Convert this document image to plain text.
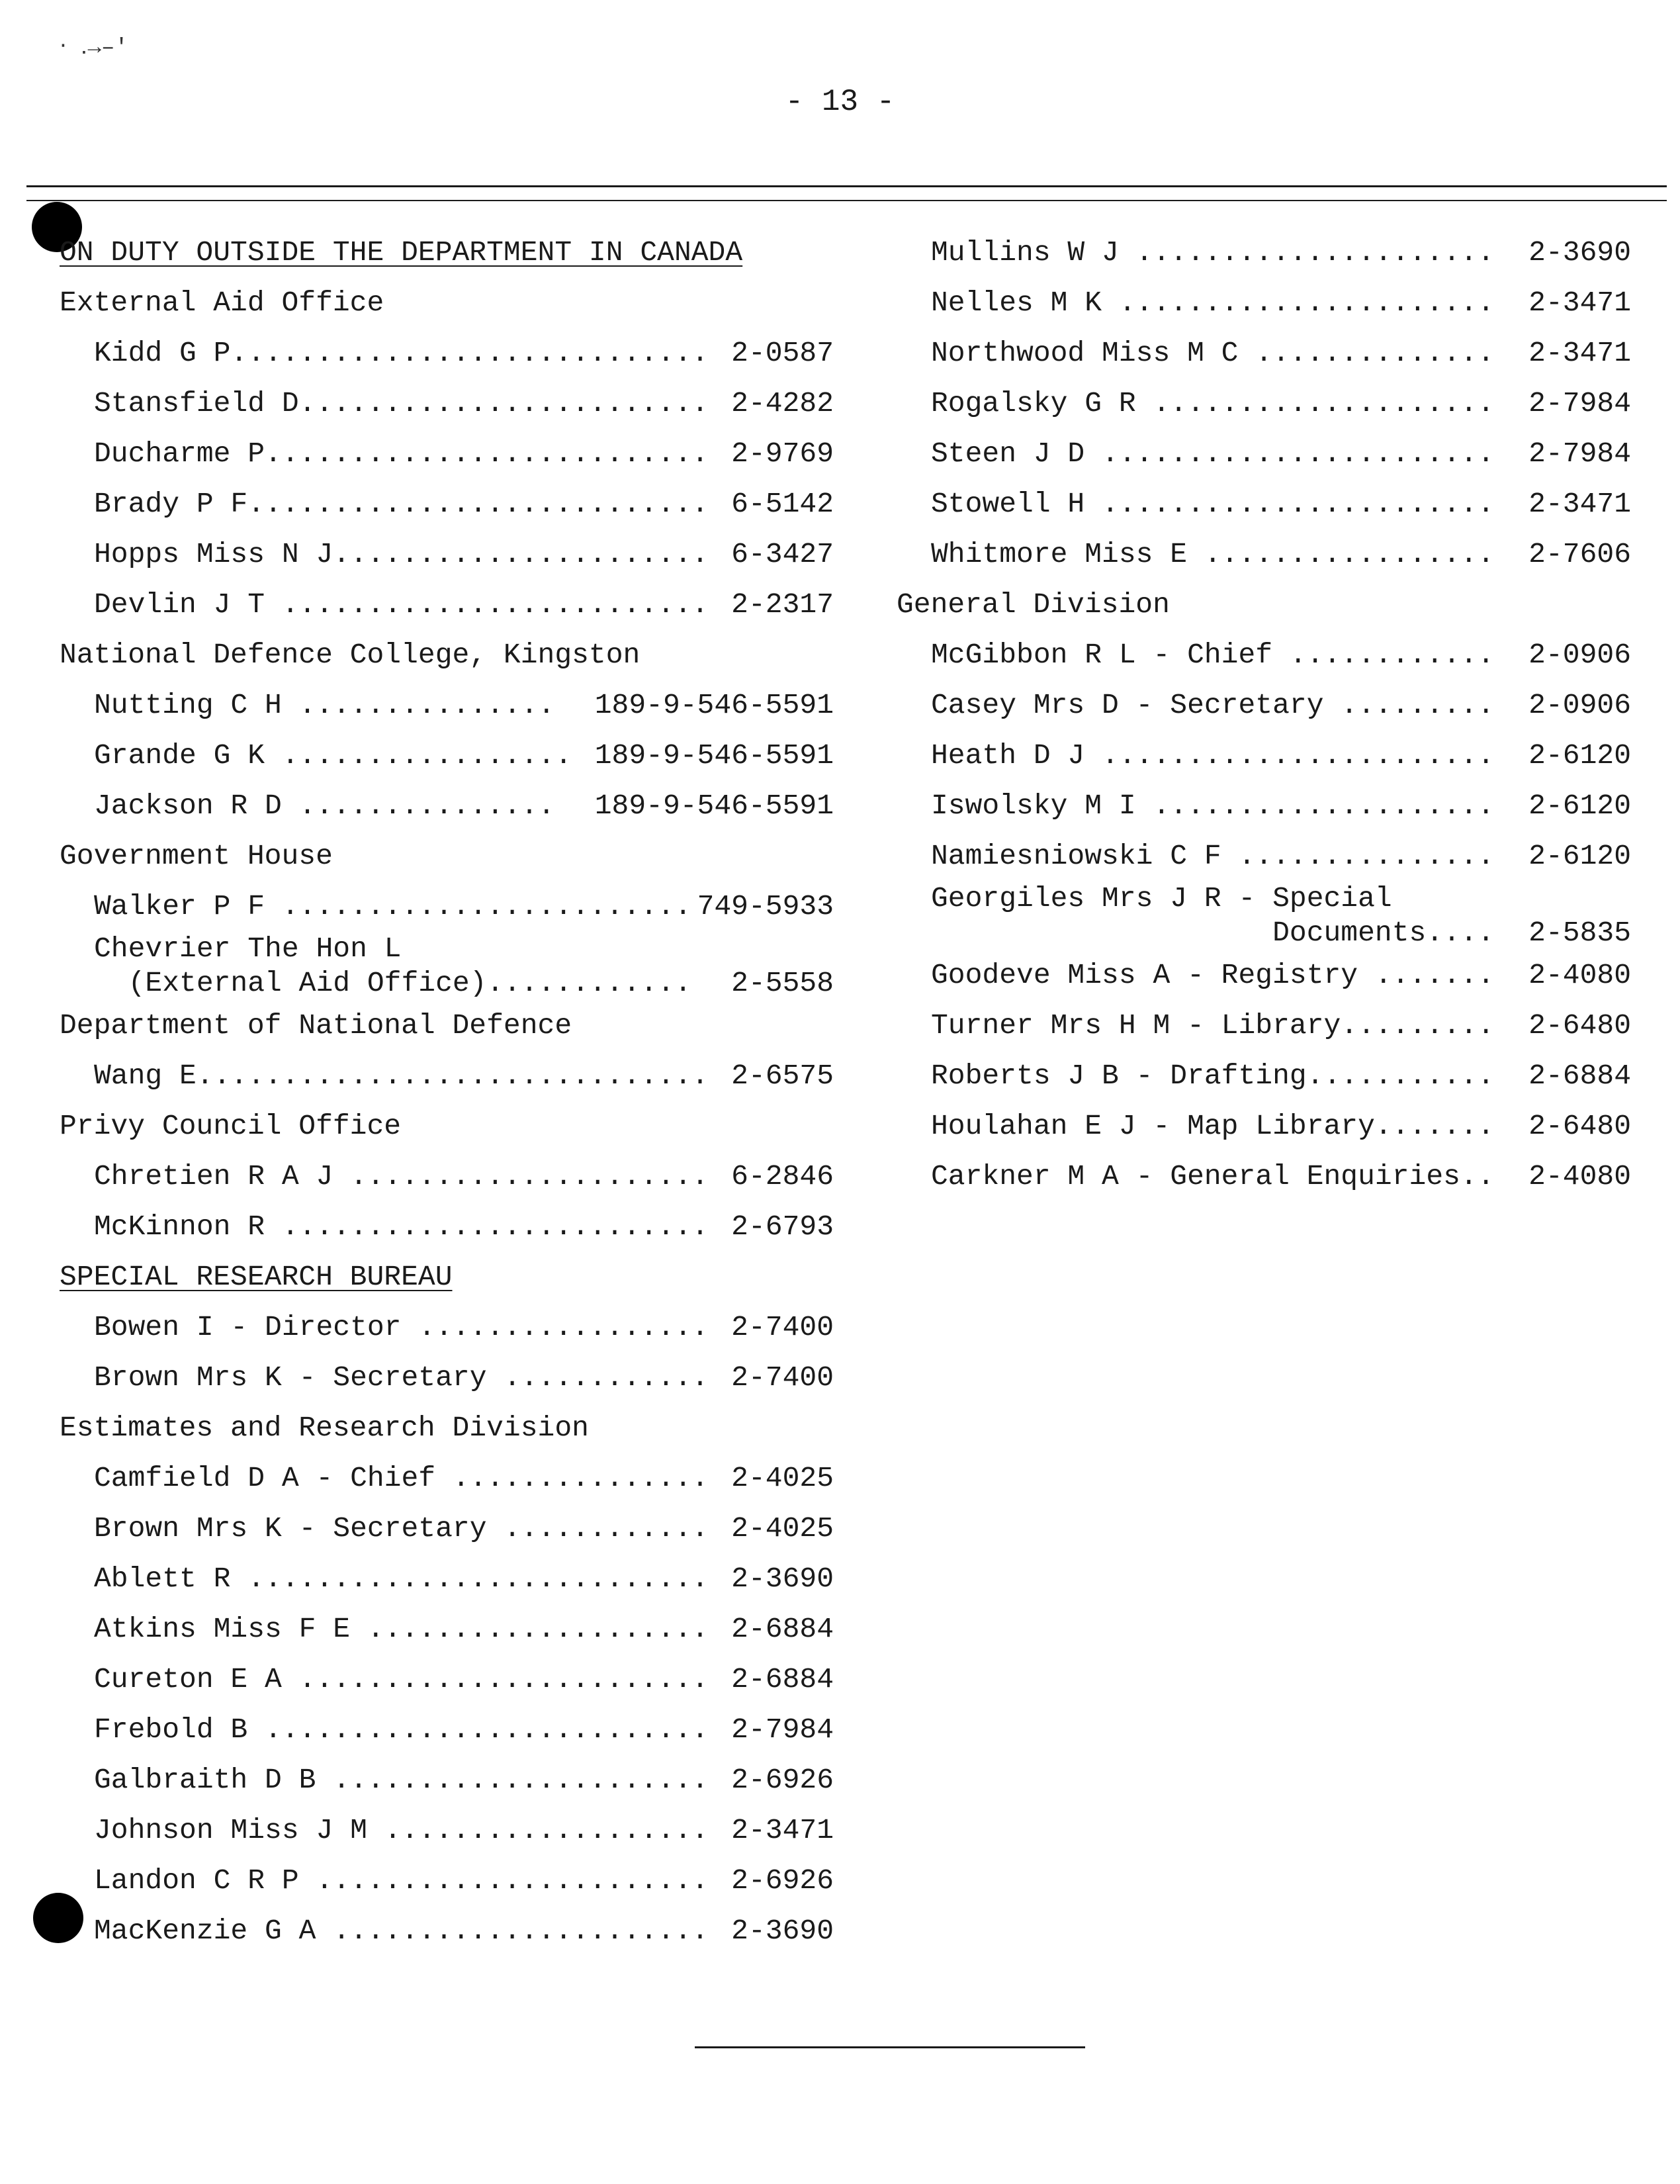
‧ ․→–′
- 13 -
ON DUTY OUTSIDE THE DEPARTMENT IN CANADA
External Aid Office
Kidd G P............................ 2-0587
Stansfield D........................ 2-4282
Ducharme P.......................... 2-9769
Brady P F........................... 6-5142
Hopps Miss N J...................... 6-3427
Devlin J T ......................... 2-2317
National Defence College, Kingston
Nutting C H ............... 189-9-546-5591
Grande G K ................. 189-9-546-5591
Jackson R D ............... 189-9-546-5591
Government House
Walker P F ........................ 749-5933
Chevrier The Hon L
(External Aid Office)............ 2-5558
Department of National Defence
Wang E.............................. 2-6575
Privy Council Office
Chretien R A J ..................... 6-2846
McKinnon R ......................... 2-6793
SPECIAL RESEARCH BUREAU
Bowen I - Director ................. 2-7400
Brown Mrs K - Secretary ............ 2-7400
Estimates and Research Division
Camfield D A - Chief ............... 2-4025
Brown Mrs K - Secretary ............ 2-4025
Ablett R ........................... 2-3690
Atkins Miss F E .................... 2-6884
Cureton E A ........................ 2-6884
Frebold B .......................... 2-7984
Galbraith D B ...................... 2-6926
Johnson Miss J M ................... 2-3471
Landon C R P ....................... 2-6926
MacKenzie G A ...................... 2-3690
Mullins W J ..................... 2-3690
Nelles M K ...................... 2-3471
Northwood Miss M C .............. 2-3471
Rogalsky G R .................... 2-7984
Steen J D ....................... 2-7984
Stowell H ....................... 2-3471
Whitmore Miss E ................. 2-7606
General Division
McGibbon R L - Chief ............ 2-0906
Casey Mrs D - Secretary ......... 2-0906
Heath D J ....................... 2-6120
Iswolsky M I .................... 2-6120
Namiesniowski C F ............... 2-6120
Georgiles Mrs J R - Special
Documents.... 2-5835
Goodeve Miss A - Registry ....... 2-4080
Turner Mrs H M - Library......... 2-6480
Roberts J B - Drafting........... 2-6884
Houlahan E J - Map Library....... 2-6480
Carkner M A - General Enquiries.. 2-4080
